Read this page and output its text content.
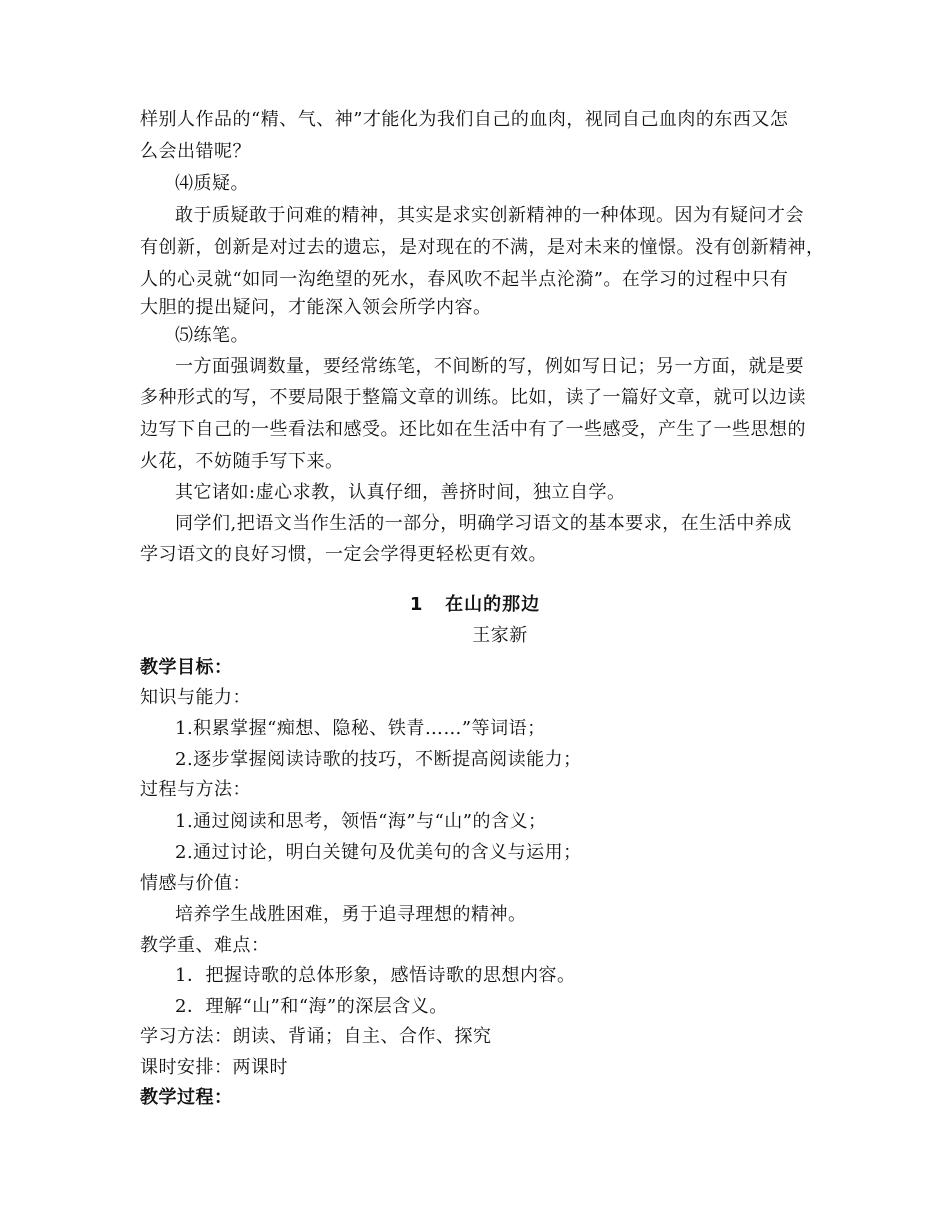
样别人作品的“精、气、神”才能化为我们自己的血肉，视同自己血肉的东西又怎
么会出错呢？
⑷质疑。
敢于质疑敢于问难的精神，其实是求实创新精神的一种体现。因为有疑问才会
有创新，创新是对过去的遗忘，是对现在的不满，是对未来的憧憬。没有创新精神，
人的心灵就“如同一沟绝望的死水，春风吹不起半点沦漪”。在学习的过程中只有
大胆的提出疑问，才能深入领会所学内容。
⑸练笔。
一方面强调数量，要经常练笔，不间断的写，例如写日记；另一方面，就是要
多种形式的写，不要局限于整篇文章的训练。比如，读了一篇好文章，就可以边读
边写下自己的一些看法和感受。还比如在生活中有了一些感受，产生了一些思想的
火花，不妨随手写下来。
其它诸如:虚心求教，认真仔细，善挤时间，独立自学。
同学们,把语文当作生活的一部分，明确学习语文的基本要求，在生活中养成
学习语文的良好习惯，一定会学得更轻松更有效。
1   在山的那边
王家新
教学目标：
知识与能力：
1.积累掌握“痴想、隐秘、铁青……”等词语；
2.逐步掌握阅读诗歌的技巧，不断提高阅读能力；
过程与方法：
1.通过阅读和思考，领悟“海”与“山”的含义；
2.通过讨论，明白关键句及优美句的含义与运用；
情感与价值：
培养学生战胜困难，勇于追寻理想的精神。
教学重、难点：
1．把握诗歌的总体形象，感悟诗歌的思想内容。
2．理解“山”和“海”的深层含义。
学习方法：朗读、背诵；自主、合作、探究
课时安排：两课时
教学过程：
